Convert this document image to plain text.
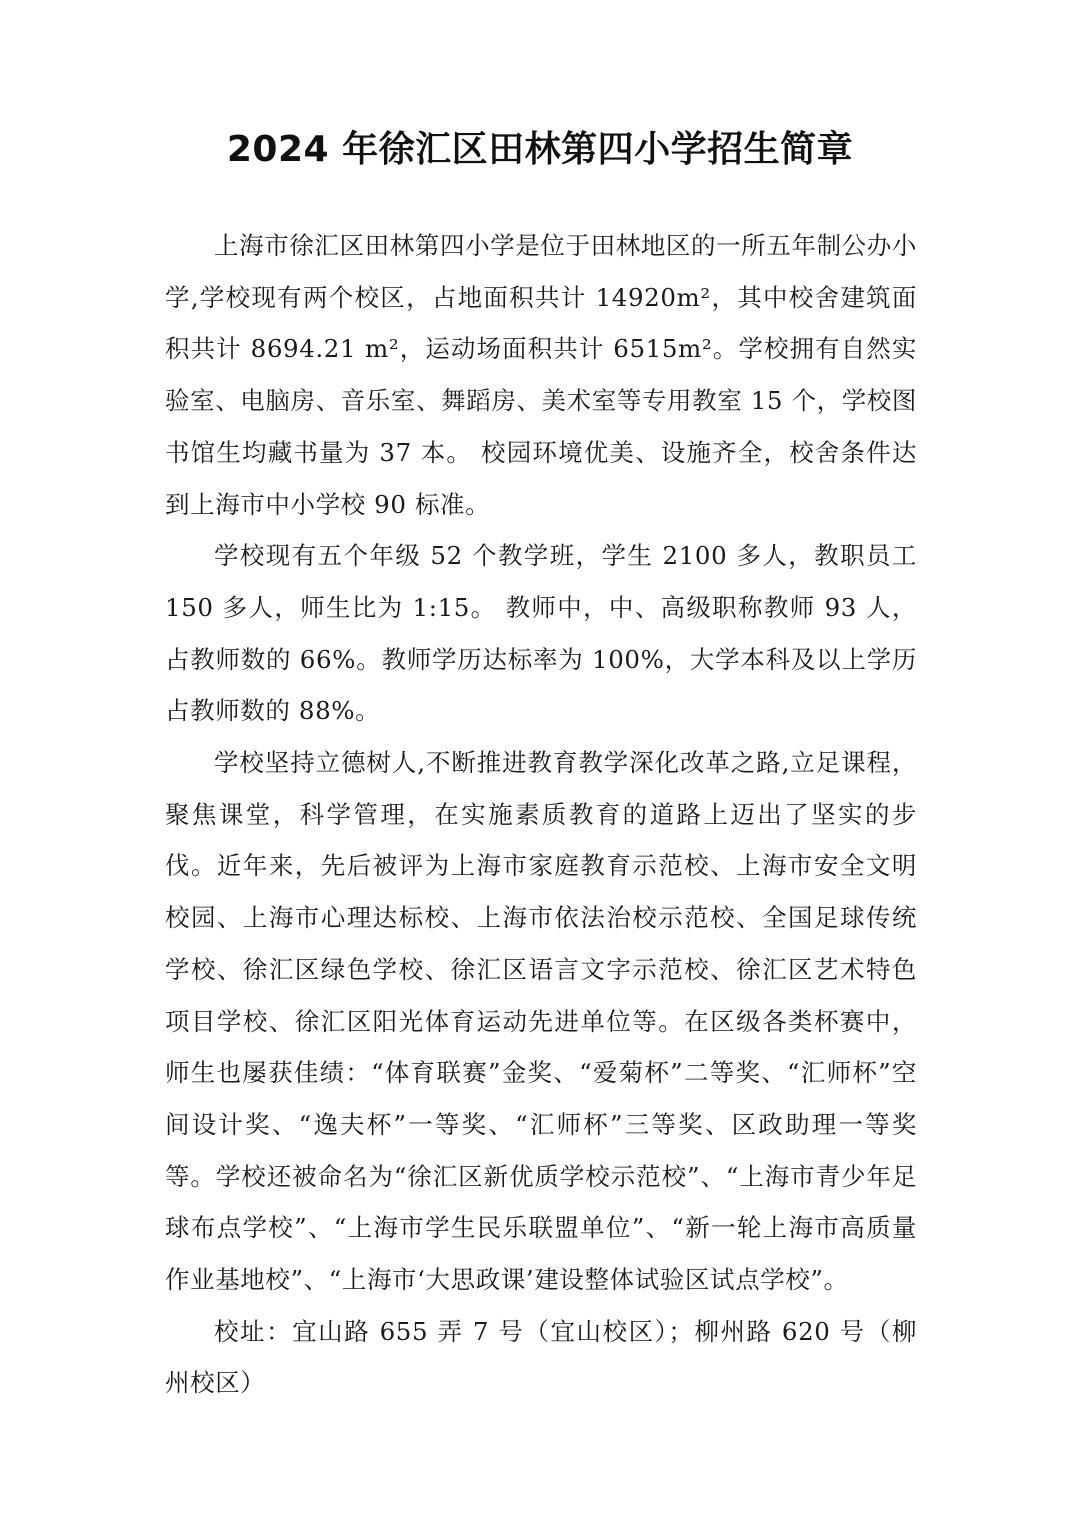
2024 年徐汇区田林第四小学招生简章

上海市徐汇区田林第四小学是位于田林地区的一所五年制公办小学,学校现有两个校区，占地面积共计 14920m²，其中校舍建筑面积共计 8694.21 m²，运动场面积共计 6515m²。学校拥有自然实验室、电脑房、音乐室、舞蹈房、美术室等专用教室 15 个，学校图书馆生均藏书量为 37 本。 校园环境优美、设施齐全，校舍条件达到上海市中小学校 90 标准。

学校现有五个年级 52 个教学班，学生 2100 多人，教职员工 150 多人，师生比为 1:15。 教师中，中、高级职称教师 93 人，占教师数的 66%。教师学历达标率为 100%，大学本科及以上学历占教师数的 88%。

学校坚持立德树人,不断推进教育教学深化改革之路,立足课程，聚焦课堂，科学管理，在实施素质教育的道路上迈出了坚实的步伐。近年来，先后被评为上海市家庭教育示范校、上海市安全文明校园、上海市心理达标校、上海市依法治校示范校、全国足球传统学校、徐汇区绿色学校、徐汇区语言文字示范校、徐汇区艺术特色项目学校、徐汇区阳光体育运动先进单位等。在区级各类杯赛中，师生也屡获佳绩：“体育联赛”金奖、“爱菊杯”二等奖、“汇师杯”空间设计奖、“逸夫杯”一等奖、“汇师杯”三等奖、区政助理一等奖等。学校还被命名为“徐汇区新优质学校示范校”、“上海市青少年足球布点学校”、“上海市学生民乐联盟单位”、“新一轮上海市高质量作业基地校”、“上海市‘大思政课’建设整体试验区试点学校”。

校址：宜山路 655 弄 7 号（宜山校区）；柳州路 620 号（柳州校区）
